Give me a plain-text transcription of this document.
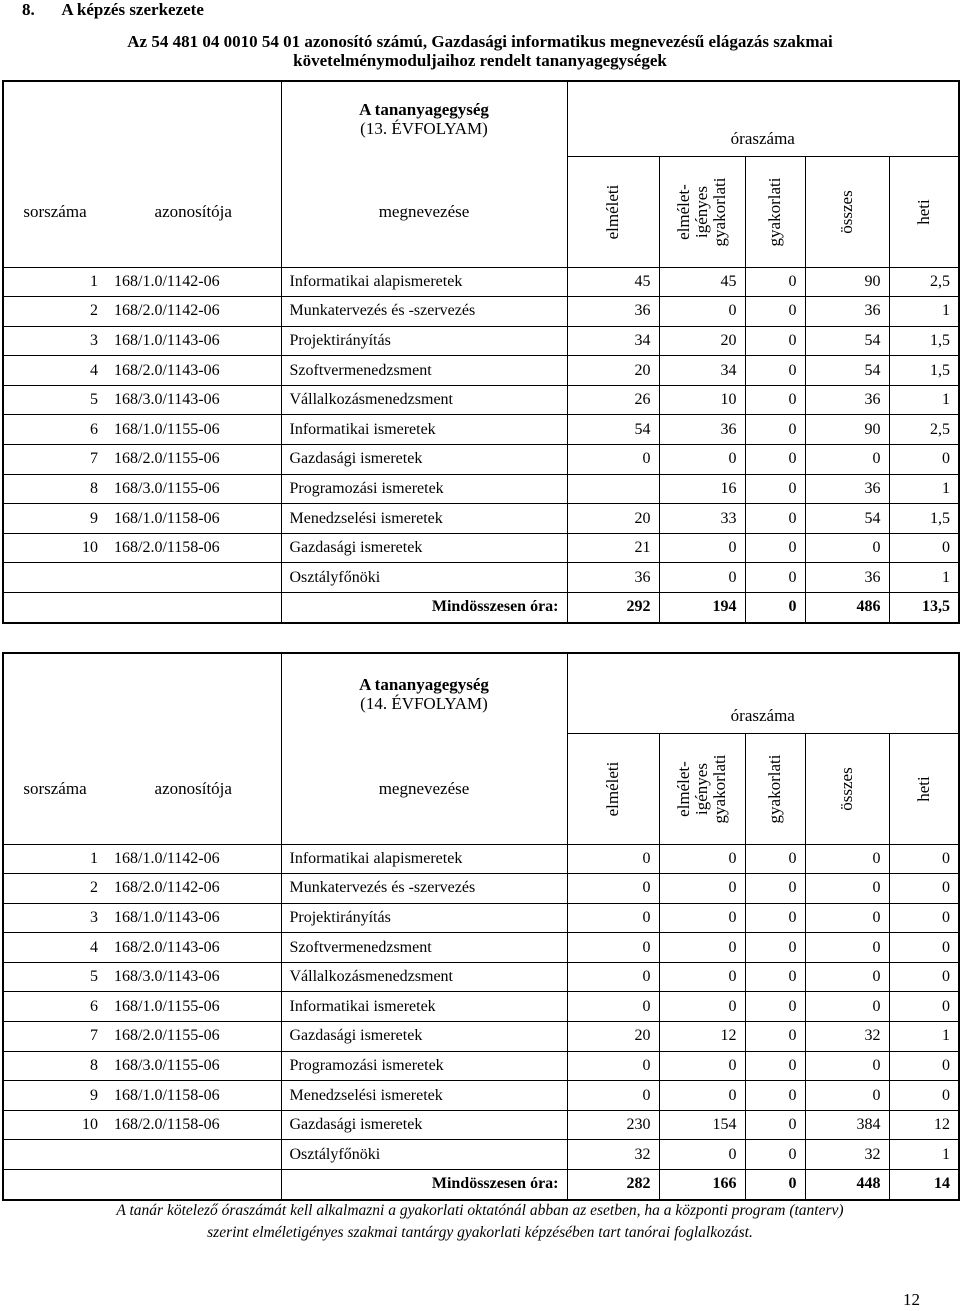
8. A képzés szerkezete
Az 54 481 04 0010 54 01 azonosító számú, Gazdasági informatikus megnevezésű elágazás szakmai
követelménymoduljaihoz rendelt tananyagegységek

		A tananyagegység
(13. ÉVFOLYAM)					

			óraszáma				
sorszáma	azonosítója	megnevezése	elméleti	elmélet- igényes gyakorlati	gyakorlati	összes	heti

1	168/1.0/1142-06	Informatikai alapismeretek	45	45	0	90	2,5
2	168/2.0/1142-06	Munkatervezés és -szervezés	36	0	0	36	1
3	168/1.0/1143-06	Projektirányítás	34	20	0	54	1,5
4	168/2.0/1143-06	Szoftvermenedzsment	20	34	0	54	1,5
5	168/3.0/1143-06	Vállalkozásmenedzsment	26	10	0	36	1
6	168/1.0/1155-06	Informatikai ismeretek	54	36	0	90	2,5
7	168/2.0/1155-06	Gazdasági ismeretek	0	0	0	0	0
8	168/3.0/1155-06	Programozási ismeretek		16	0	36	1
9	168/1.0/1158-06	Menedzselési ismeretek	20	33	0	54	1,5
10	168/2.0/1158-06	Gazdasági ismeretek	21	0	0	0	0
		Osztályfőnöki	36	0	0	36	1
		Mindösszesen óra:	292	194	0	486	13,5

		A tananyagegység
(14. ÉVFOLYAM)					

			óraszáma				
sorszáma	azonosítója	megnevezése	elméleti	elmélet- igényes gyakorlati	gyakorlati	összes	heti

1	168/1.0/1142-06	Informatikai alapismeretek	0	0	0	0	0
2	168/2.0/1142-06	Munkatervezés és -szervezés	0	0	0	0	0
3	168/1.0/1143-06	Projektirányítás	0	0	0	0	0
4	168/2.0/1143-06	Szoftvermenedzsment	0	0	0	0	0
5	168/3.0/1143-06	Vállalkozásmenedzsment	0	0	0	0	0
6	168/1.0/1155-06	Informatikai ismeretek	0	0	0	0	0
7	168/2.0/1155-06	Gazdasági ismeretek	20	12	0	32	1
8	168/3.0/1155-06	Programozási ismeretek	0	0	0	0	0
9	168/1.0/1158-06	Menedzselési ismeretek	0	0	0	0	0
10	168/2.0/1158-06	Gazdasági ismeretek	230	154	0	384	12
		Osztályfőnöki	32	0	0	32	1
		Mindösszesen óra:	282	166	0	448	14
A tanár kötelező óraszámát kell alkalmazni a gyakorlati oktatónál abban az esetben, ha a központi program (tanterv)
szerint elméletigényes szakmai tantárgy gyakorlati képzésében tart tanórai foglalkozást.
12
